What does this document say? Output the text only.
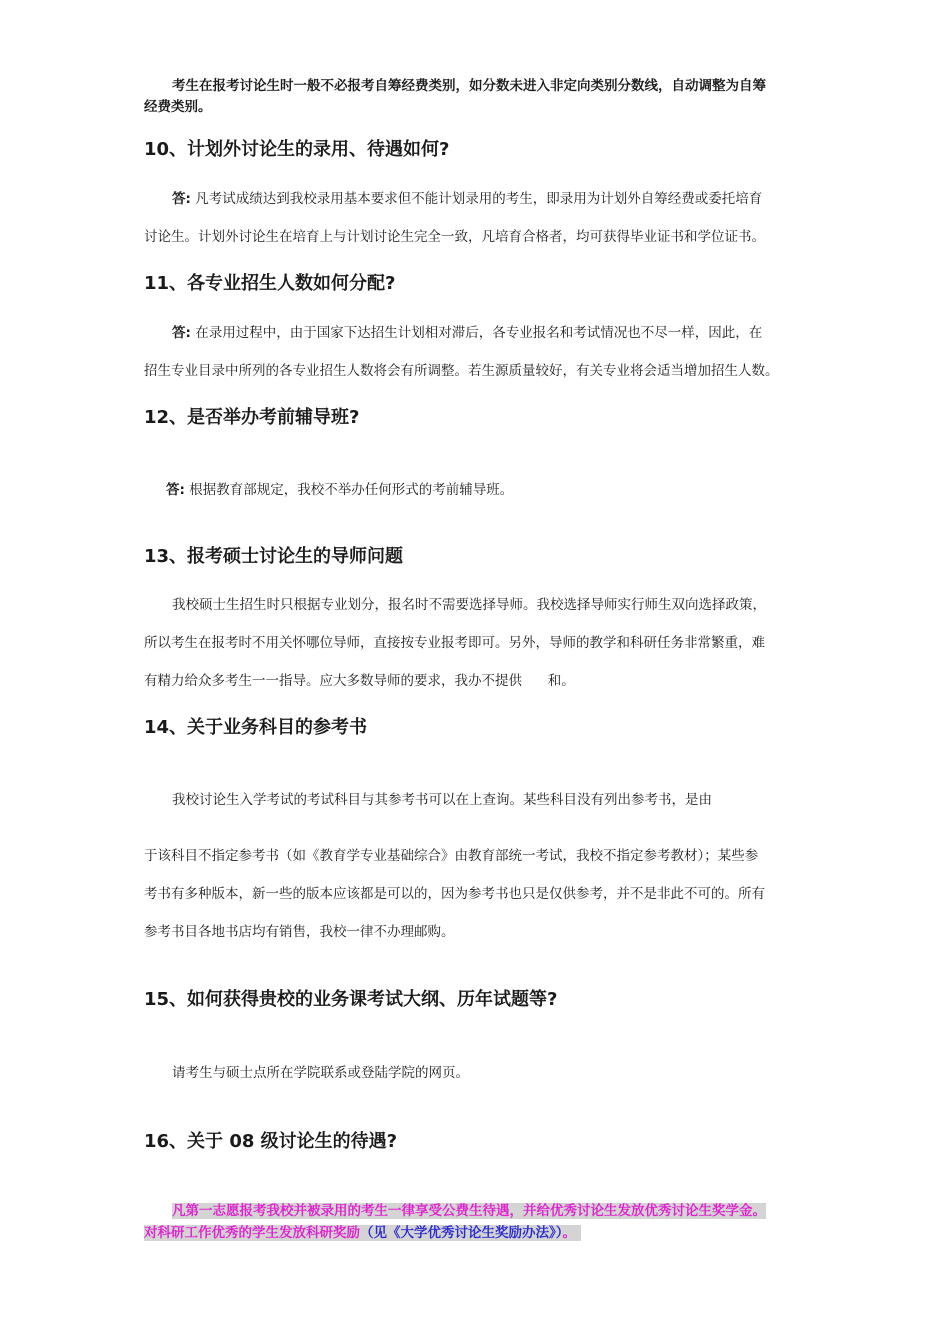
考生在报考讨论生时一般不必报考自筹经费类别，如分数未进入非定向类别分数线，自动调整为自筹

经费类别。

10、计划外讨论生的录用、待遇如何?

答: 凡考试成绩达到我校录用基本要求但不能计划录用的考生，即录用为计划外自筹经费或委托培育

讨论生。计划外讨论生在培育上与计划讨论生完全一致，凡培育合格者，均可获得毕业证书和学位证书。

11、各专业招生人数如何分配?

答: 在录用过程中，由于国家下达招生计划相对滞后，各专业报名和考试情况也不尽一样，因此，在

招生专业目录中所列的各专业招生人数将会有所调整。若生源质量较好，有关专业将会适当增加招生人数。

12、是否举办考前辅导班?

答: 根据教育部规定，我校不举办任何形式的考前辅导班。

13、报考硕士讨论生的导师问题

我校硕士生招生时只根据专业划分，报名时不需要选择导师。我校选择导师实行师生双向选择政策，

所以考生在报考时不用关怀哪位导师，直接按专业报考即可。另外，导师的教学和科研任务非常繁重，难

有精力给众多考生一一指导。应大多数导师的要求，我办不提供      和。

14、关于业务科目的参考书

我校讨论生入学考试的考试科目与其参考书可以在上查询。某些科目没有列出参考书，是由

于该科目不指定参考书（如《教育学专业基础综合》由教育部统一考试，我校不指定参考教材）；某些参

考书有多种版本，新一些的版本应该都是可以的，因为参考书也只是仅供参考，并不是非此不可的。所有

参考书目各地书店均有销售，我校一律不办理邮购。

15、如何获得贵校的业务课考试大纲、历年试题等?

请考生与硕士点所在学院联系或登陆学院的网页。

16、关于 08 级讨论生的待遇?

凡第一志愿报考我校并被录用的考生一律享受公费生待遇，并给优秀讨论生发放优秀讨论生奖学金。
对科研工作优秀的学生发放科研奖励（见《大学优秀讨论生奖励办法》）。
